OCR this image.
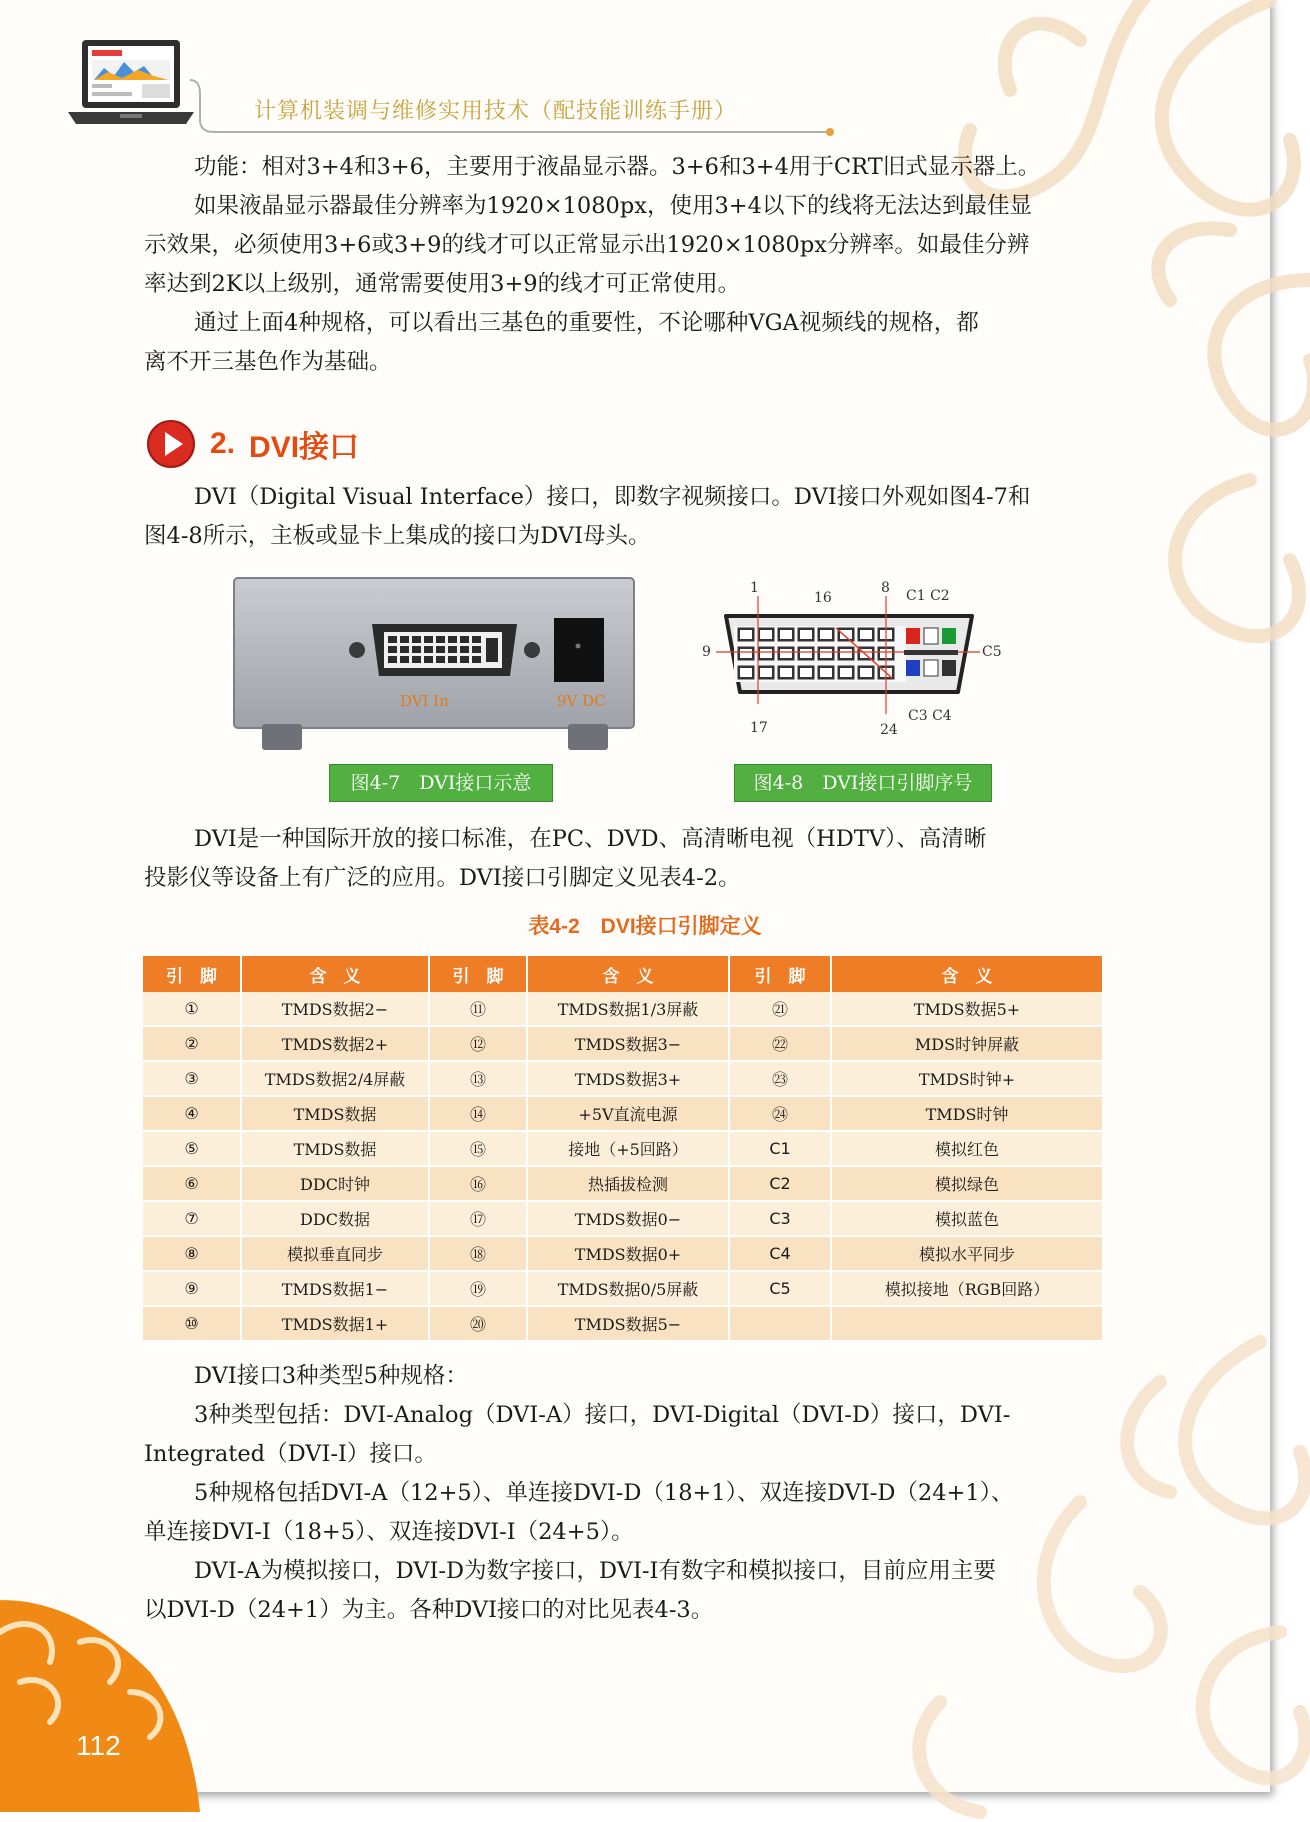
计算机装调与维修实用技术（配技能训练手册）
功能：相对3+4和3+6，主要用于液晶显示器。3+6和3+4用于CRT旧式显示器上。
如果液晶显示器最佳分辨率为1920×1080px，使用3+4以下的线将无法达到最佳显
示效果，必须使用3+6或3+9的线才可以正常显示出1920×1080px分辨率。如最佳分辨
率达到2K以上级别，通常需要使用3+9的线才可正常使用。
通过上面4种规格，可以看出三基色的重要性，不论哪种VGA视频线的规格，都
离不开三基色作为基础。
2. DVI接口
DVI（Digital Visual Interface）接口，即数字视频接口。DVI接口外观如图4-7和
图4-8所示，主板或显卡上集成的接口为DVI母头。
DVI In	9V DC
图4-7　DVI接口示意
1
16
8 C1 C2
9	C5
17	24
C3 C4
图4-8　DVI接口引脚序号
DVI是一种国际开放的接口标准，在PC、DVD、高清晰电视（HDTV）、高清晰
投影仪等设备上有广泛的应用。DVI接口引脚定义见表4-2。
表4-2　DVI接口引脚定义
引　脚	含　义	引　脚	含　义	引　脚	含　义
①	TMDS数据2−	⑪	TMDS数据1/3屏蔽	㉑	TMDS数据5+
②	TMDS数据2+	⑫	TMDS数据3−	㉒	MDS时钟屏蔽
③	TMDS数据2/4屏蔽	⑬	TMDS数据3+	㉓	TMDS时钟+
④	TMDS数据	⑭	+5V直流电源	㉔	TMDS时钟
⑤	TMDS数据	⑮	接地（+5回路）	C1	模拟红色
⑥	DDC时钟	⑯	热插拔检测	C2	模拟绿色
⑦	DDC数据	⑰	TMDS数据0−	C3	模拟蓝色
⑧	模拟垂直同步	⑱	TMDS数据0+	C4	模拟水平同步
⑨	TMDS数据1−	⑲	TMDS数据0/5屏蔽	C5	模拟接地（RGB回路）
⑩	TMDS数据1+	⑳	TMDS数据5−		
DVI接口3种类型5种规格：
3种类型包括：DVI-Analog（DVI-A）接口，DVI-Digital（DVI-D）接口，DVI-
Integrated（DVI-I）接口。
5种规格包括DVI-A（12+5）、单连接DVI-D（18+1）、双连接DVI-D（24+1）、
单连接DVI-I（18+5）、双连接DVI-I（24+5）。
DVI-A为模拟接口，DVI-D为数字接口，DVI-I有数字和模拟接口，目前应用主要
以DVI-D（24+1）为主。各种DVI接口的对比见表4-3。
112
